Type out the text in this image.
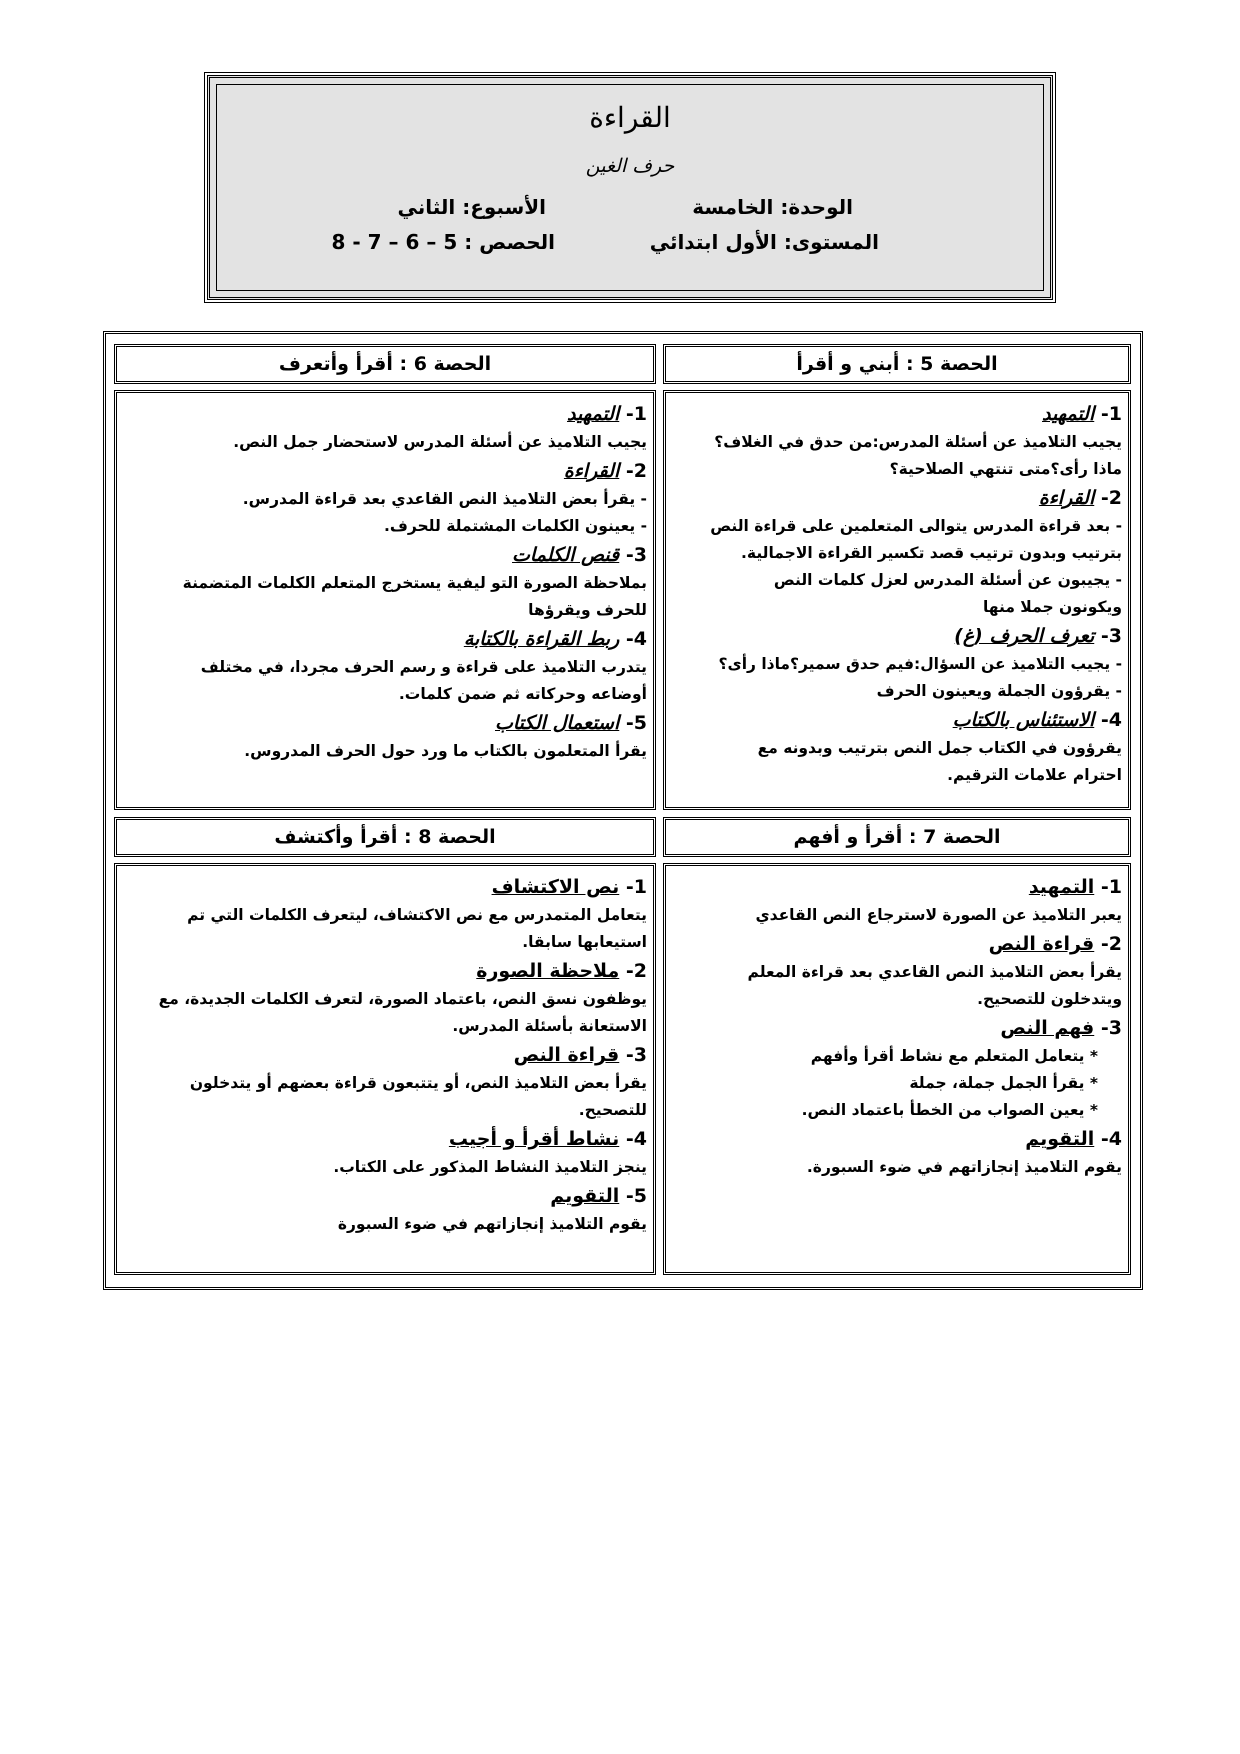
القراءة
حرف الغين
الوحدة: الخامسة
الأسبوع: الثاني
المستوى: الأول ابتدائي
الحصص : 5 – 6 – 7 - 8
الحصة 5 : أبني و أقرأ
1- التمهيد

يجيب التلاميذ عن أسئلة المدرس:من حدق في الغلاف؟

ماذا رأى؟متى تنتهي الصلاحية؟

2- القراءة

- بعد قراءة المدرس يتوالى المتعلمين على قراءة النص

بترتيب وبدون ترتيب قصد تكسير القراءة الاجمالية.

- يجيبون عن أسئلة المدرس لعزل كلمات النص

ويكونون جملا منها

3- تعرف الحرف (غ)

- يجيب التلاميذ عن السؤال:فيم حدق سمير؟ماذا رأى؟

- يقرؤون الجملة ويعينون الحرف

4- الاستئناس بالكتاب

يقرؤون في الكتاب جمل النص بترتيب وبدونه مع

احترام علامات الترقيم.

الحصة 6 : أقرأ وأتعرف
1- التمهيد

يجيب التلاميذ عن أسئلة المدرس لاستحضار جمل النص.

2- القراءة

- يقرأ بعض التلاميذ النص القاعدي بعد قراءة المدرس.

- يعينون الكلمات المشتملة للحرف.

3- قنص الكلمات

بملاحظة الصورة التو ليفية يستخرج المتعلم الكلمات المتضمنة

للحرف ويقرؤها

4- ربط القراءة بالكتابة

يتدرب التلاميذ على قراءة و رسم الحرف مجردا، في مختلف

أوضاعه وحركاته ثم ضمن كلمات.

5- استعمال الكتاب

يقرأ المتعلمون بالكتاب ما ورد حول الحرف المدروس.

الحصة 7 : أقرأ و أفهم
1- التمهيد

يعبر التلاميذ عن الصورة لاسترجاع النص القاعدي

2- قراءة النص

يقرأ بعض التلاميذ النص القاعدي بعد قراءة المعلم

ويتدخلون للتصحيح.

3- فهم النص

* يتعامل المتعلم مع نشاط أقرأ وأفهم

* يقرأ الجمل جملة، جملة

* يعين الصواب من الخطأ باعتماد النص.

4- التقويم

يقوم التلاميذ إنجازاتهم في ضوء السبورة.

الحصة 8 : أقرأ وأكتشف
1- نص الاكتشاف

يتعامل المتمدرس مع نص الاكتشاف، ليتعرف الكلمات التي تم

استيعابها سابقا.

2- ملاحظة الصورة

يوظفون نسق النص، باعتماد الصورة، لتعرف الكلمات الجديدة، مع

الاستعانة بأسئلة المدرس.

3- قراءة النص

يقرأ بعض التلاميذ النص، أو يتتبعون قراءة بعضهم أو يتدخلون

للتصحيح.

4- نشاط أقرأ و أجيب

ينجز التلاميذ النشاط المذكور على الكتاب.

5- التقويم

يقوم التلاميذ إنجازاتهم في ضوء السبورة
